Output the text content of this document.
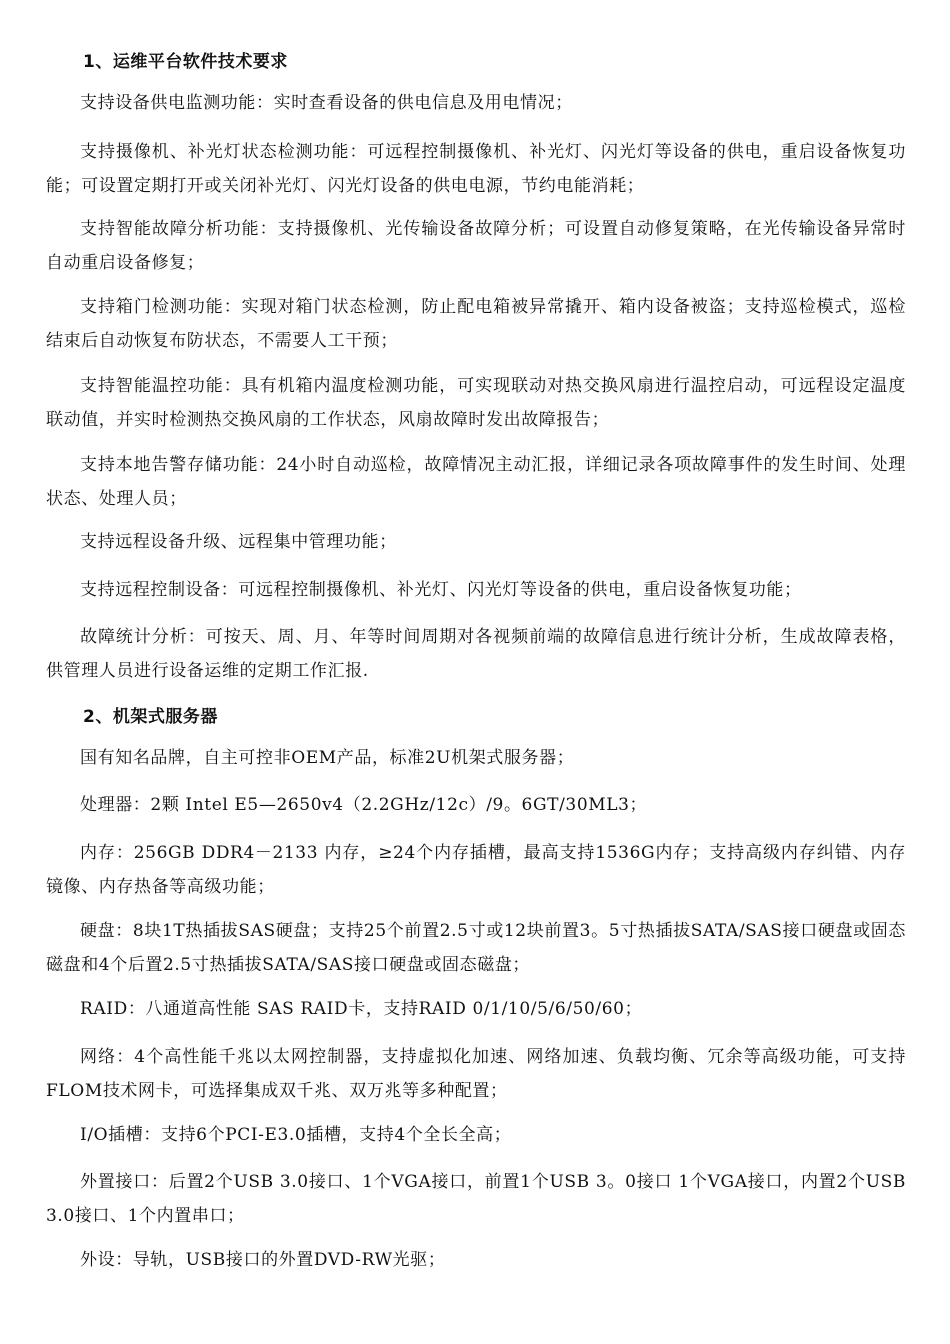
1、运维平台软件技术要求
支持设备供电监测功能：实时查看设备的供电信息及用电情况；
支持摄像机、补光灯状态检测功能：可远程控制摄像机、补光灯、闪光灯等设备的供电，重启设备恢复功能；可设置定期打开或关闭补光灯、闪光灯设备的供电电源，节约电能消耗；
支持智能故障分析功能：支持摄像机、光传输设备故障分析；可设置自动修复策略，在光传输设备异常时自动重启设备修复；
支持箱门检测功能：实现对箱门状态检测，防止配电箱被异常撬开、箱内设备被盗；支持巡检模式，巡检结束后自动恢复布防状态，不需要人工干预；
支持智能温控功能：具有机箱内温度检测功能，可实现联动对热交换风扇进行温控启动，可远程设定温度联动值，并实时检测热交换风扇的工作状态，风扇故障时发出故障报告；
支持本地告警存储功能：24小时自动巡检，故障情况主动汇报，详细记录各项故障事件的发生时间、处理状态、处理人员；
支持远程设备升级、远程集中管理功能；
支持远程控制设备：可远程控制摄像机、补光灯、闪光灯等设备的供电，重启设备恢复功能；
故障统计分析：可按天、周、月、年等时间周期对各视频前端的故障信息进行统计分析，生成故障表格，供管理人员进行设备运维的定期工作汇报.
2、机架式服务器
国有知名品牌，自主可控非OEM产品，标准2U机架式服务器；
处理器：2颗 Intel E5—2650v4（2.2GHz/12c）/9。6GT/30ML3；
内存：256GB DDR4－2133 内存，≥24个内存插槽，最高支持1536G内存；支持高级内存纠错、内存镜像、内存热备等高级功能；
硬盘：8块1T热插拔SAS硬盘；支持25个前置2.5寸或12块前置3。5寸热插拔SATA/SAS接口硬盘或固态磁盘和4个后置2.5寸热插拔SATA/SAS接口硬盘或固态磁盘；
RAID：八通道高性能 SAS RAID卡，支持RAID 0/1/10/5/6/50/60；
网络：4个高性能千兆以太网控制器，支持虚拟化加速、网络加速、负载均衡、冗余等高级功能，可支持FLOM技术网卡，可选择集成双千兆、双万兆等多种配置；
I/O插槽：支持6个PCI-E3.0插槽，支持4个全长全高；
外置接口：后置2个USB 3.0接口、1个VGA接口，前置1个USB 3。0接口 1个VGA接口，内置2个USB 3.0接口、1个内置串口；
外设：导轨，USB接口的外置DVD-RW光驱；
